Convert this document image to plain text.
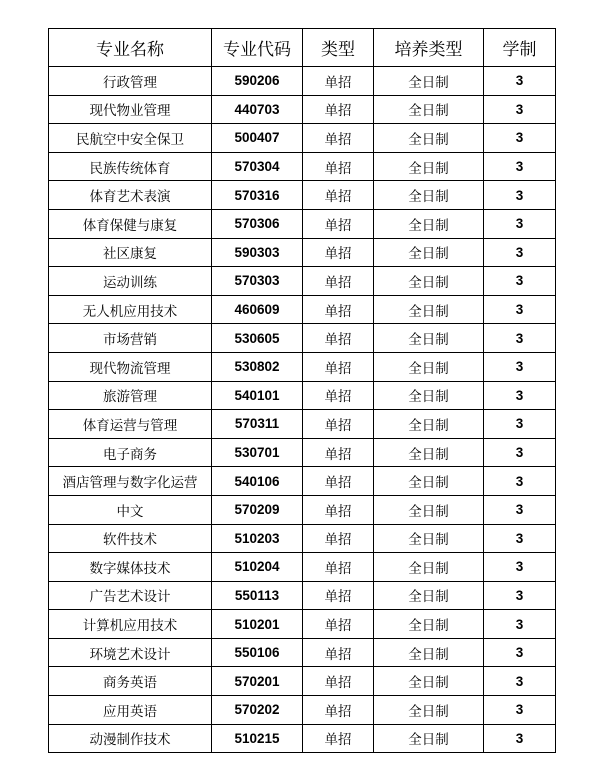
专业名称	专业代码	类型	培养类型	学制
行政管理	590206	单招	全日制	3
现代物业管理	440703	单招	全日制	3
民航空中安全保卫	500407	单招	全日制	3
民族传统体育	570304	单招	全日制	3
体育艺术表演	570316	单招	全日制	3
体育保健与康复	570306	单招	全日制	3
社区康复	590303	单招	全日制	3
运动训练	570303	单招	全日制	3
无人机应用技术	460609	单招	全日制	3
市场营销	530605	单招	全日制	3
现代物流管理	530802	单招	全日制	3
旅游管理	540101	单招	全日制	3
体育运营与管理	570311	单招	全日制	3
电子商务	530701	单招	全日制	3
酒店管理与数字化运营	540106	单招	全日制	3
中文	570209	单招	全日制	3
软件技术	510203	单招	全日制	3
数字媒体技术	510204	单招	全日制	3
广告艺术设计	550113	单招	全日制	3
计算机应用技术	510201	单招	全日制	3
环境艺术设计	550106	单招	全日制	3
商务英语	570201	单招	全日制	3
应用英语	570202	单招	全日制	3
动漫制作技术	510215	单招	全日制	3
